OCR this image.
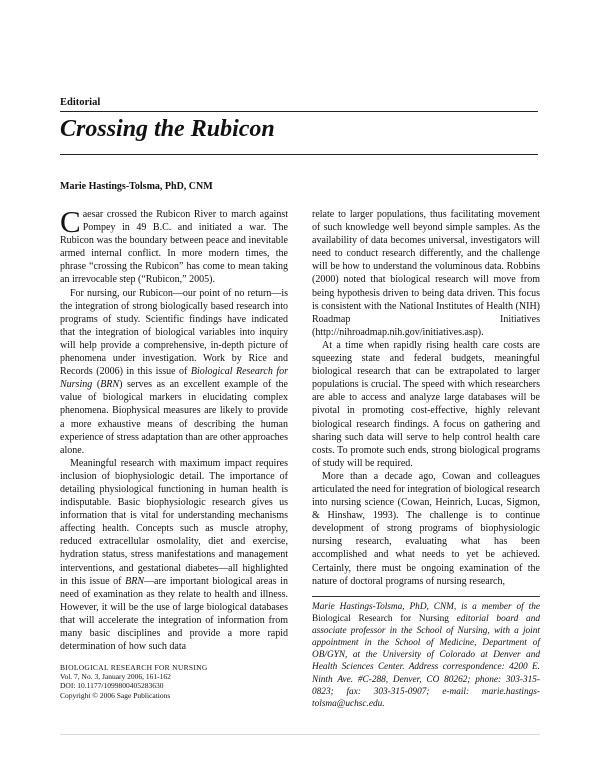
Editorial
Crossing the Rubicon
Marie Hastings-Tolsma, PhD, CNM

Caesar crossed the Rubicon River to march against Pompey in 49 B.C. and initiated a war. The Rubicon was the boundary between peace and inevitable armed internal conflict. In more modern times, the phrase “crossing the Rubicon” has come to mean taking an irrevocable step (“Rubicon,” 2005).

For nursing, our Rubicon—our point of no return—is the integration of strong biologically based research into programs of study. Scientific findings have indicated that the integration of biological variables into inquiry will help provide a comprehensive, in-depth picture of phenomena under investigation. Work by Rice and Records (2006) in this issue of Biological Research for Nursing (BRN) serves as an excellent example of the value of biological markers in elucidating complex phenomena. Biophysical measures are likely to provide a more exhaustive means of describing the human experience of stress adaptation than are other approaches alone.

Meaningful research with maximum impact requires inclusion of biophysiologic detail. The importance of detailing physiological functioning in human health is indisputable. Basic biophysiologic research gives us information that is vital for understanding mechanisms affecting health. Concepts such as muscle atrophy, reduced extracellular osmolality, diet and exercise, hydration status, stress manifestations and management interventions, and gestational diabetes—all highlighted in this issue of BRN—are important biological areas in need of examination as they relate to health and illness. However, it will be the use of large biological databases that will accelerate the integration of information from many basic disciplines and provide a more rapid determination of how such data

relate to larger populations, thus facilitating movement of such knowledge well beyond simple samples. As the availability of data becomes universal, investigators will need to conduct research differently, and the challenge will be how to understand the voluminous data. Robbins (2000) noted that biological research will move from being hypothesis driven to being data driven. This focus is consistent with the National Institutes of Health (NIH) Roadmap Initiatives (http://nihroadmap.nih.gov/initiatives.asp).

At a time when rapidly rising health care costs are squeezing state and federal budgets, meaningful biological research that can be extrapolated to larger populations is crucial. The speed with which researchers are able to access and analyze large databases will be pivotal in promoting cost-effective, highly relevant biological research findings. A focus on gathering and sharing such data will serve to help control health care costs. To promote such ends, strong biological programs of study will be required.

More than a decade ago, Cowan and colleagues articulated the need for integration of biological research into nursing science (Cowan, Heinrich, Lucas, Sigmon, & Hinshaw, 1993). The challenge is to continue development of strong programs of biophysiologic nursing research, evaluating what has been accomplished and what needs to yet be achieved. Certainly, there must be ongoing examination of the nature of doctoral programs of nursing research,

Marie Hastings-Tolsma, PhD, CNM, is a member of the Biological Research for Nursing editorial board and associate professor in the School of Nursing, with a joint appointment in the School of Medicine, Department of OB/GYN, at the University of Colorado at Denver and Health Sciences Center. Address correspondence: 4200 E. Ninth Ave. #C-288, Denver, CO 80262; phone: 303-315-0823; fax: 303-315-0907; e-mail: marie.hastings-tolsma@uchsc.edu.

BIOLOGICAL RESEARCH FOR NURSING
Vol. 7, No. 3, January 2006, 161-162
DOI: 10.1177/1099800405283630
Copyright © 2006 Sage Publications
